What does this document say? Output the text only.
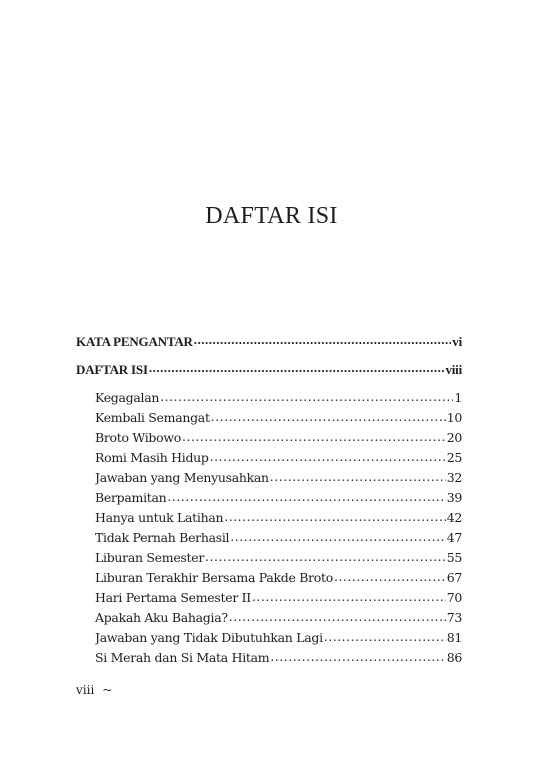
DAFTAR ISI
KATA PENGANTAR .....	vi
DAFTAR ISI .....	viii
Kegagalan .....	1
Kembali Semangat .....	10
Broto Wibowo .....	20
Romi Masih Hidup .....	25
Jawaban yang Menyusahkan .....	32
Berpamitan .....	39
Hanya untuk Latihan .....	42
Tidak Pernah Berhasil .....	47
Liburan Semester .....	55
Liburan Terakhir Bersama Pakde Broto .....	67
Hari Pertama Semester II .....	70
Apakah Aku Bahagia? .....	73
Jawaban yang Tidak Dibutuhkan Lagi .....	81
Si Merah dan Si Mata Hitam .....	86
viii ~
